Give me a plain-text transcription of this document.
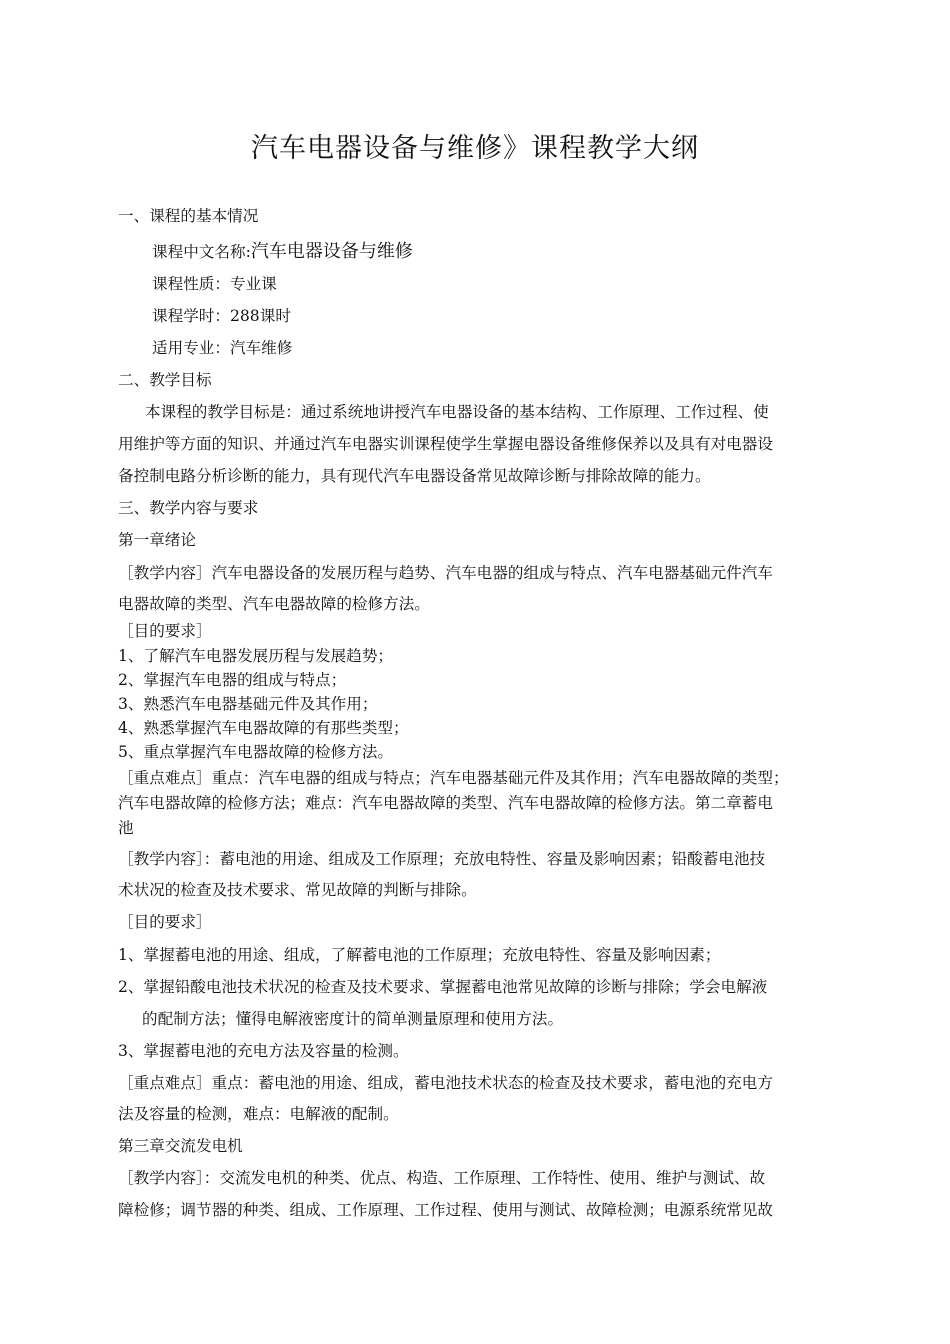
汽车电器设备与维修》课程教学大纲
一、课程的基本情况
课程中文名称:汽车电器设备与维修
课程性质：专业课
课程学时：288课时
适用专业：汽车维修
二、教学目标
本课程的教学目标是：通过系统地讲授汽车电器设备的基本结构、工作原理、工作过程、使
用维护等方面的知识、并通过汽车电器实训课程使学生掌握电器设备维修保养以及具有对电器设
备控制电路分析诊断的能力，具有现代汽车电器设备常见故障诊断与排除故障的能力。
三、教学内容与要求
第一章绪论
［教学内容］汽车电器设备的发展历程与趋势、汽车电器的组成与特点、汽车电器基础元件汽车
电器故障的类型、汽车电器故障的检修方法。
［目的要求］
1、了解汽车电器发展历程与发展趋势；
2、掌握汽车电器的组成与特点；
3、熟悉汽车电器基础元件及其作用；
4、熟悉掌握汽车电器故障的有那些类型；
5、重点掌握汽车电器故障的检修方法。
［重点难点］重点：汽车电器的组成与特点；汽车电器基础元件及其作用；汽车电器故障的类型；
汽车电器故障的检修方法；难点：汽车电器故障的类型、汽车电器故障的检修方法。第二章蓄电
池
［教学内容］：蓄电池的用途、组成及工作原理；充放电特性、容量及影响因素；铅酸蓄电池技
术状况的检查及技术要求、常见故障的判断与排除。
［目的要求］
1、掌握蓄电池的用途、组成，了解蓄电池的工作原理；充放电特性、容量及影响因素；
2、掌握铅酸电池技术状况的检查及技术要求、掌握蓄电池常见故障的诊断与排除；学会电解液
的配制方法；懂得电解液密度计的简单测量原理和使用方法。
3、掌握蓄电池的充电方法及容量的检测。
［重点难点］重点：蓄电池的用途、组成，蓄电池技术状态的检查及技术要求，蓄电池的充电方
法及容量的检测，难点：电解液的配制。
第三章交流发电机
［教学内容］：交流发电机的种类、优点、构造、工作原理、工作特性、使用、维护与测试、故
障检修；调节器的种类、组成、工作原理、工作过程、使用与测试、故障检测；电源系统常见故
